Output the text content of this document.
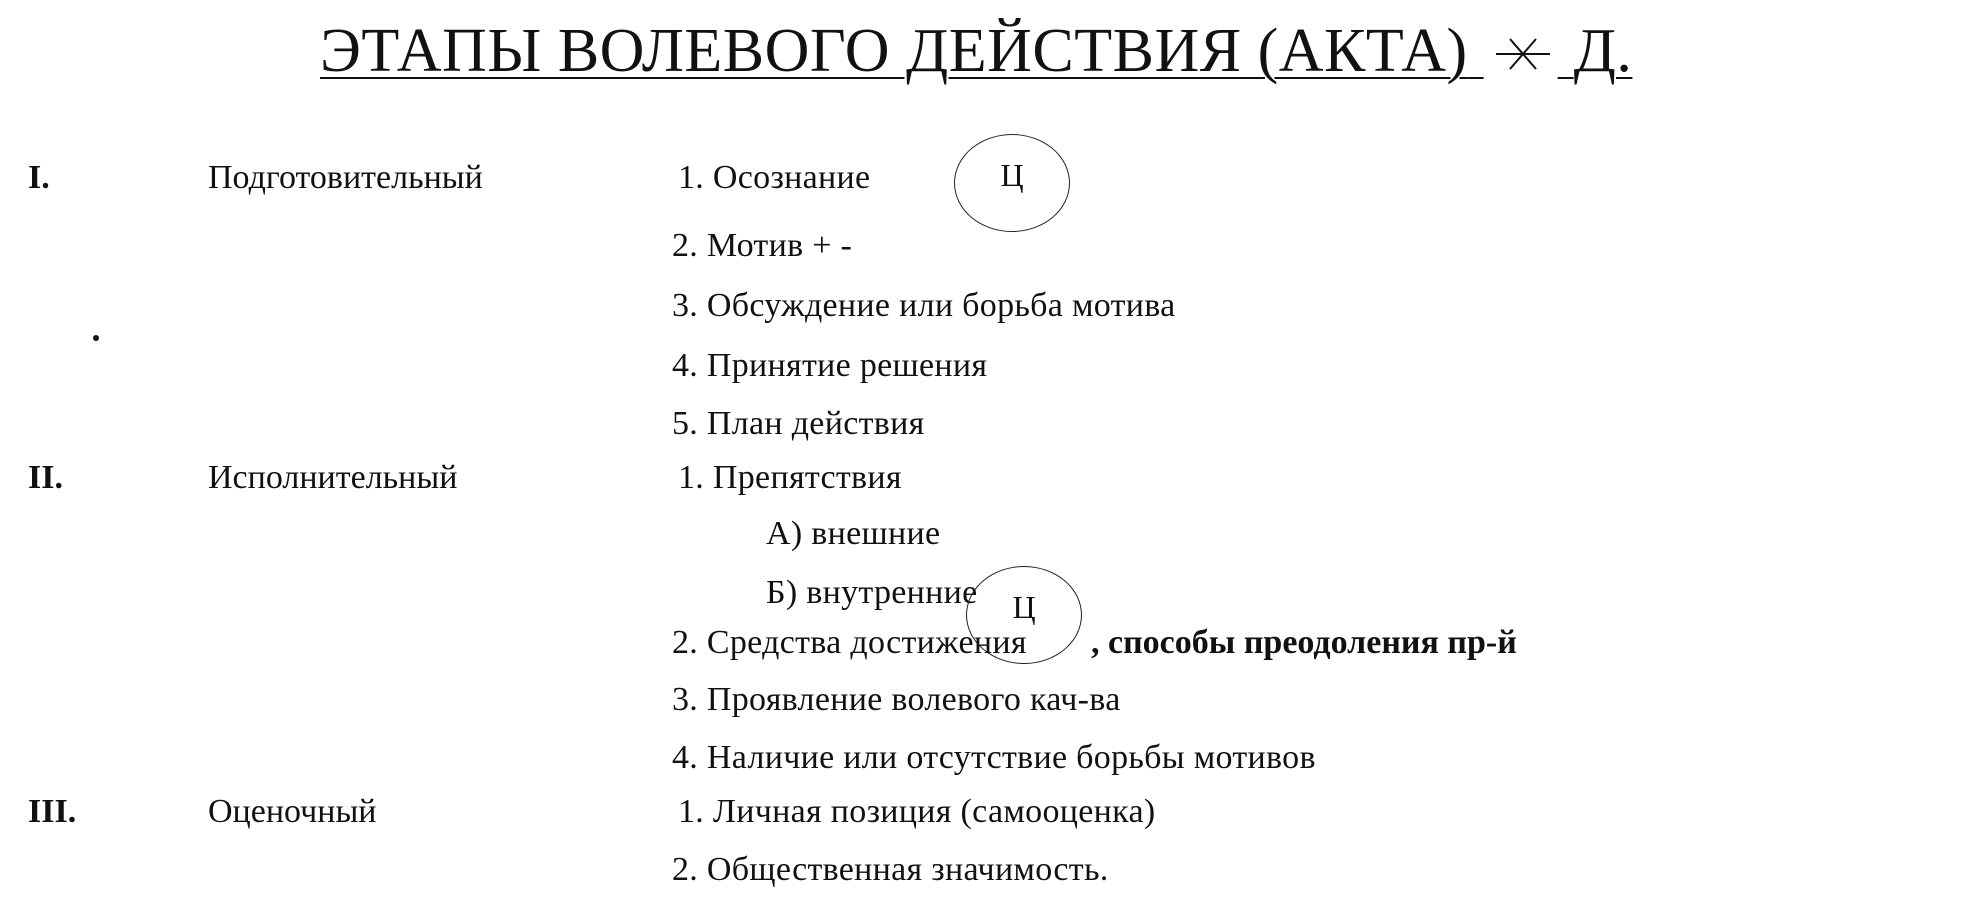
ЭТАПЫ ВОЛЕВОГО ДЕЙСТВИЯ (АКТА) Д.
I.	Подготовительный	1. Осознание	Ц
2. Мотив + -
3. Обсуждение или борьба мотива
4. Принятие решения
5. План действия
II.	Исполнительный	1. Препятствия
А) внешние
Б) внутренние Ц
2. Средства достижения , способы преодоления пр-й
3. Проявление волевого кач-ва
4. Наличие или отсутствие борьбы мотивов
III.	Оценочный	1. Личная позиция (самооценка)
2. Общественная значимость.
